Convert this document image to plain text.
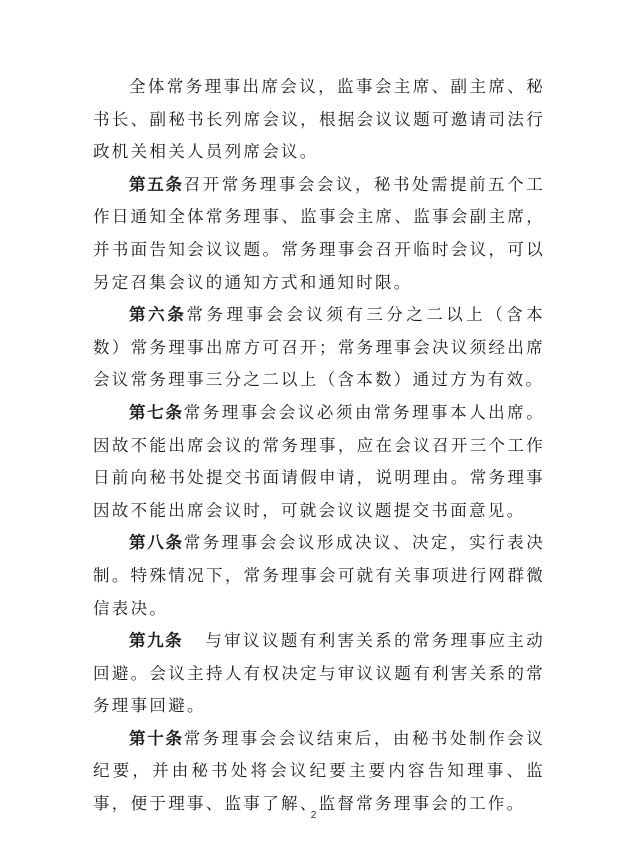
全体常务理事出席会议，监事会主席、副主席、秘书长、副秘书长列席会议，根据会议议题可邀请司法行政机关相关人员列席会议。

第五条召开常务理事会会议，秘书处需提前五个工作日通知全体常务理事、监事会主席、监事会副主席，并书面告知会议议题。常务理事会召开临时会议，可以另定召集会议的通知方式和通知时限。

第六条常务理事会会议须有三分之二以上（含本数）常务理事出席方可召开；常务理事会决议须经出席会议常务理事三分之二以上（含本数）通过方为有效。

第七条常务理事会会议必须由常务理事本人出席。因故不能出席会议的常务理事，应在会议召开三个工作日前向秘书处提交书面请假申请，说明理由。常务理事因故不能出席会议时，可就会议议题提交书面意见。

第八条常务理事会会议形成决议、决定，实行表决制。特殊情况下，常务理事会可就有关事项进行网群微信表决。

第九条 与审议议题有利害关系的常务理事应主动回避。会议主持人有权决定与审议议题有利害关系的常务理事回避。

第十条常务理事会会议结束后，由秘书处制作会议纪要，并由秘书处将会议纪要主要内容告知理事、监事，便于理事、监事了解、监督常务理事会的工作。

2
